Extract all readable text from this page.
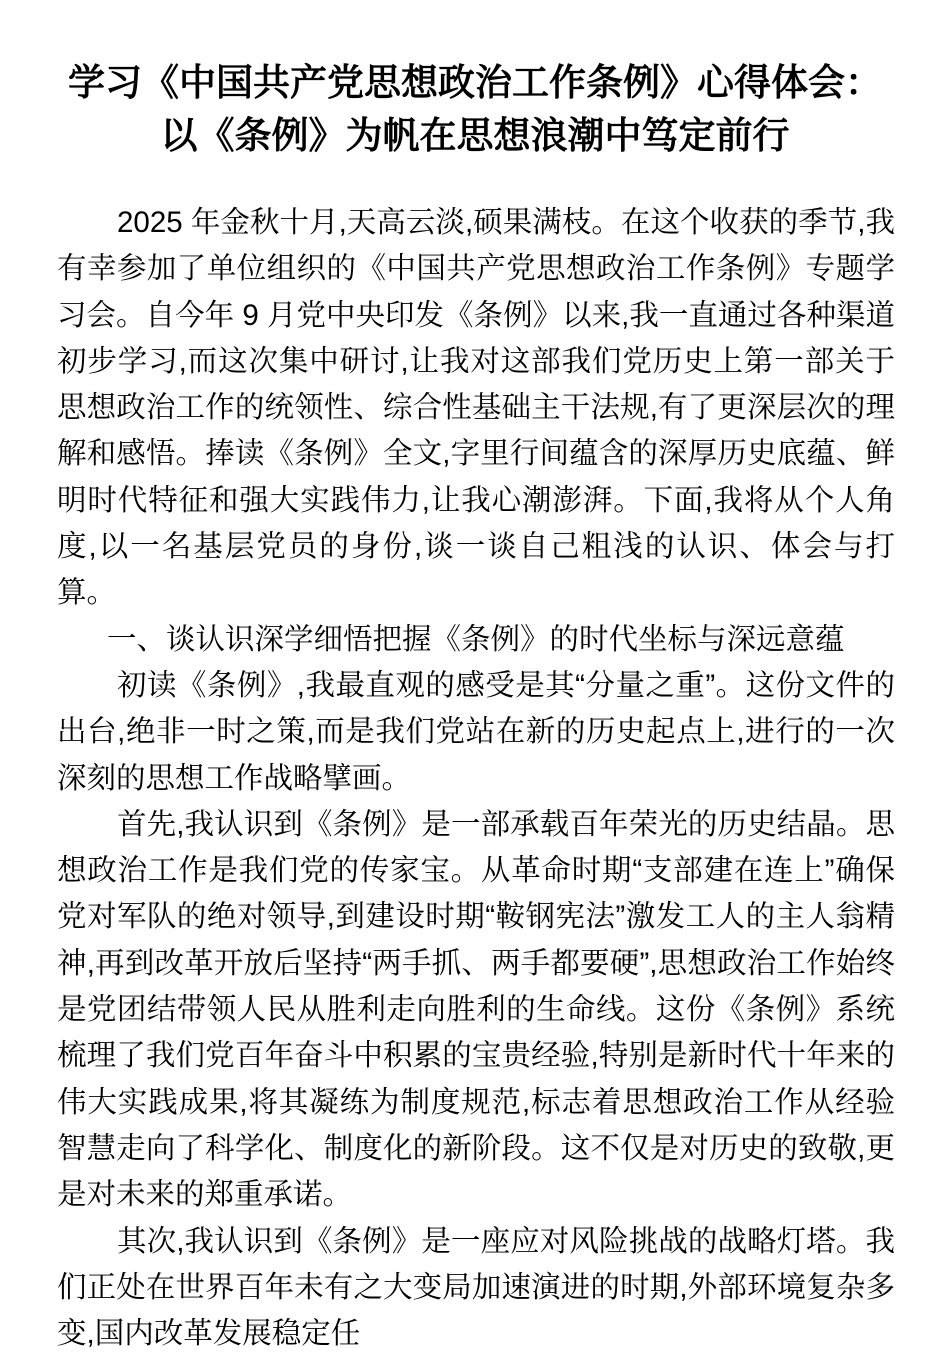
学习《中国共产党思想政治工作条例》心得体会：以《条例》为帆在思想浪潮中笃定前行

2025 年金秋十月,天高云淡,硕果满枝。在这个收获的季节,我有幸参加了单位组织的《中国共产党思想政治工作条例》专题学习会。自今年 9 月党中央印发《条例》以来,我一直通过各种渠道初步学习,而这次集中研讨,让我对这部我们党历史上第一部关于思想政治工作的统领性、综合性基础主干法规,有了更深层次的理解和感悟。捧读《条例》全文,字里行间蕴含的深厚历史底蕴、鲜明时代特征和强大实践伟力,让我心潮澎湃。下面,我将从个人角度,以一名基层党员的身份,谈一谈自己粗浅的认识、体会与打算。

一、谈认识深学细悟把握《条例》的时代坐标与深远意蕴

初读《条例》,我最直观的感受是其“分量之重”。这份文件的出台,绝非一时之策,而是我们党站在新的历史起点上,进行的一次深刻的思想工作战略擘画。

首先,我认识到《条例》是一部承载百年荣光的历史结晶。思想政治工作是我们党的传家宝。从革命时期“支部建在连上”确保党对军队的绝对领导,到建设时期“鞍钢宪法”激发工人的主人翁精神,再到改革开放后坚持“两手抓、两手都要硬”,思想政治工作始终是党团结带领人民从胜利走向胜利的生命线。这份《条例》系统梳理了我们党百年奋斗中积累的宝贵经验,特别是新时代十年来的伟大实践成果,将其凝练为制度规范,标志着思想政治工作从经验智慧走向了科学化、制度化的新阶段。这不仅是对历史的致敬,更是对未来的郑重承诺。

其次,我认识到《条例》是一座应对风险挑战的战略灯塔。我们正处在世界百年未有之大变局加速演进的时期,外部环境复杂多变,国内改革发展稳定任
